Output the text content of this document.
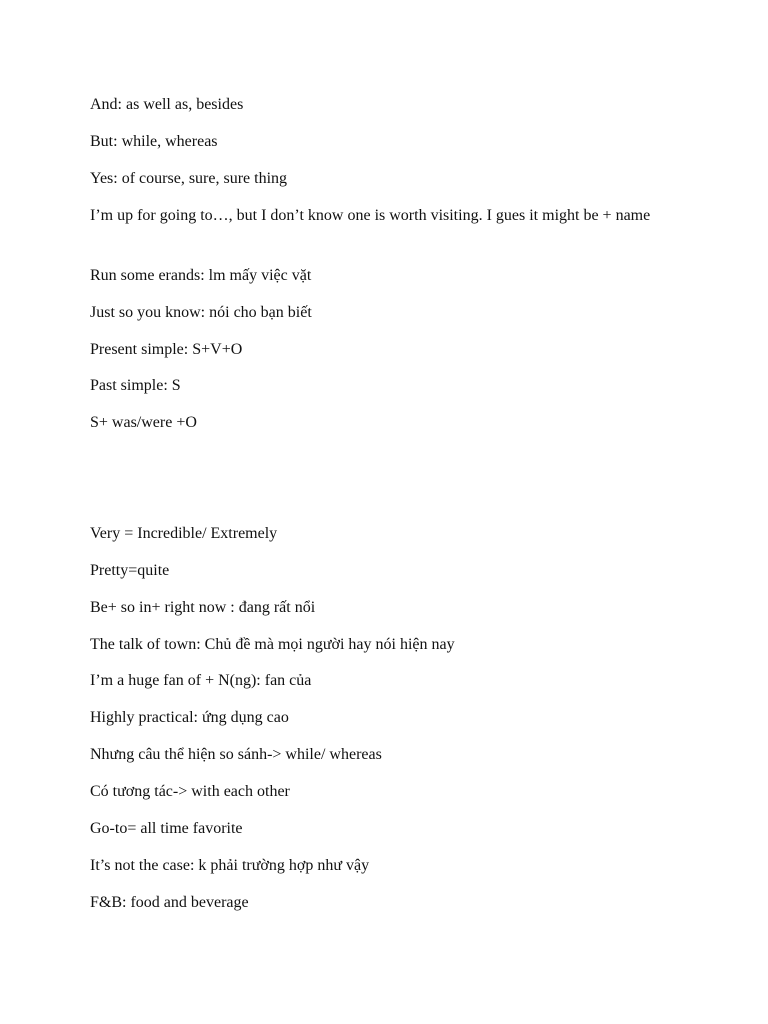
And: as well as, besides
But: while, whereas
Yes: of course, sure, sure thing
I’m up for going to…, but I don’t know one is worth visiting. I gues it might be + name
Run some erands: lm mấy việc vặt
Just so you know: nói cho bạn biết
Present simple: S+V+O
Past simple: S
S+ was/were +O
Very = Incredible/ Extremely
Pretty=quite
Be+ so in+ right now : đang rất nổi
The talk of town: Chủ đề mà mọi người hay nói hiện nay
I’m a huge fan of + N(ng): fan của
Highly practical: ứng dụng cao
Nhưng câu thể hiện so sánh-> while/ whereas
Có tương tác-> with each other
Go-to= all time favorite
It’s not the case: k phải trường hợp như vậy
F&B: food and beverage
